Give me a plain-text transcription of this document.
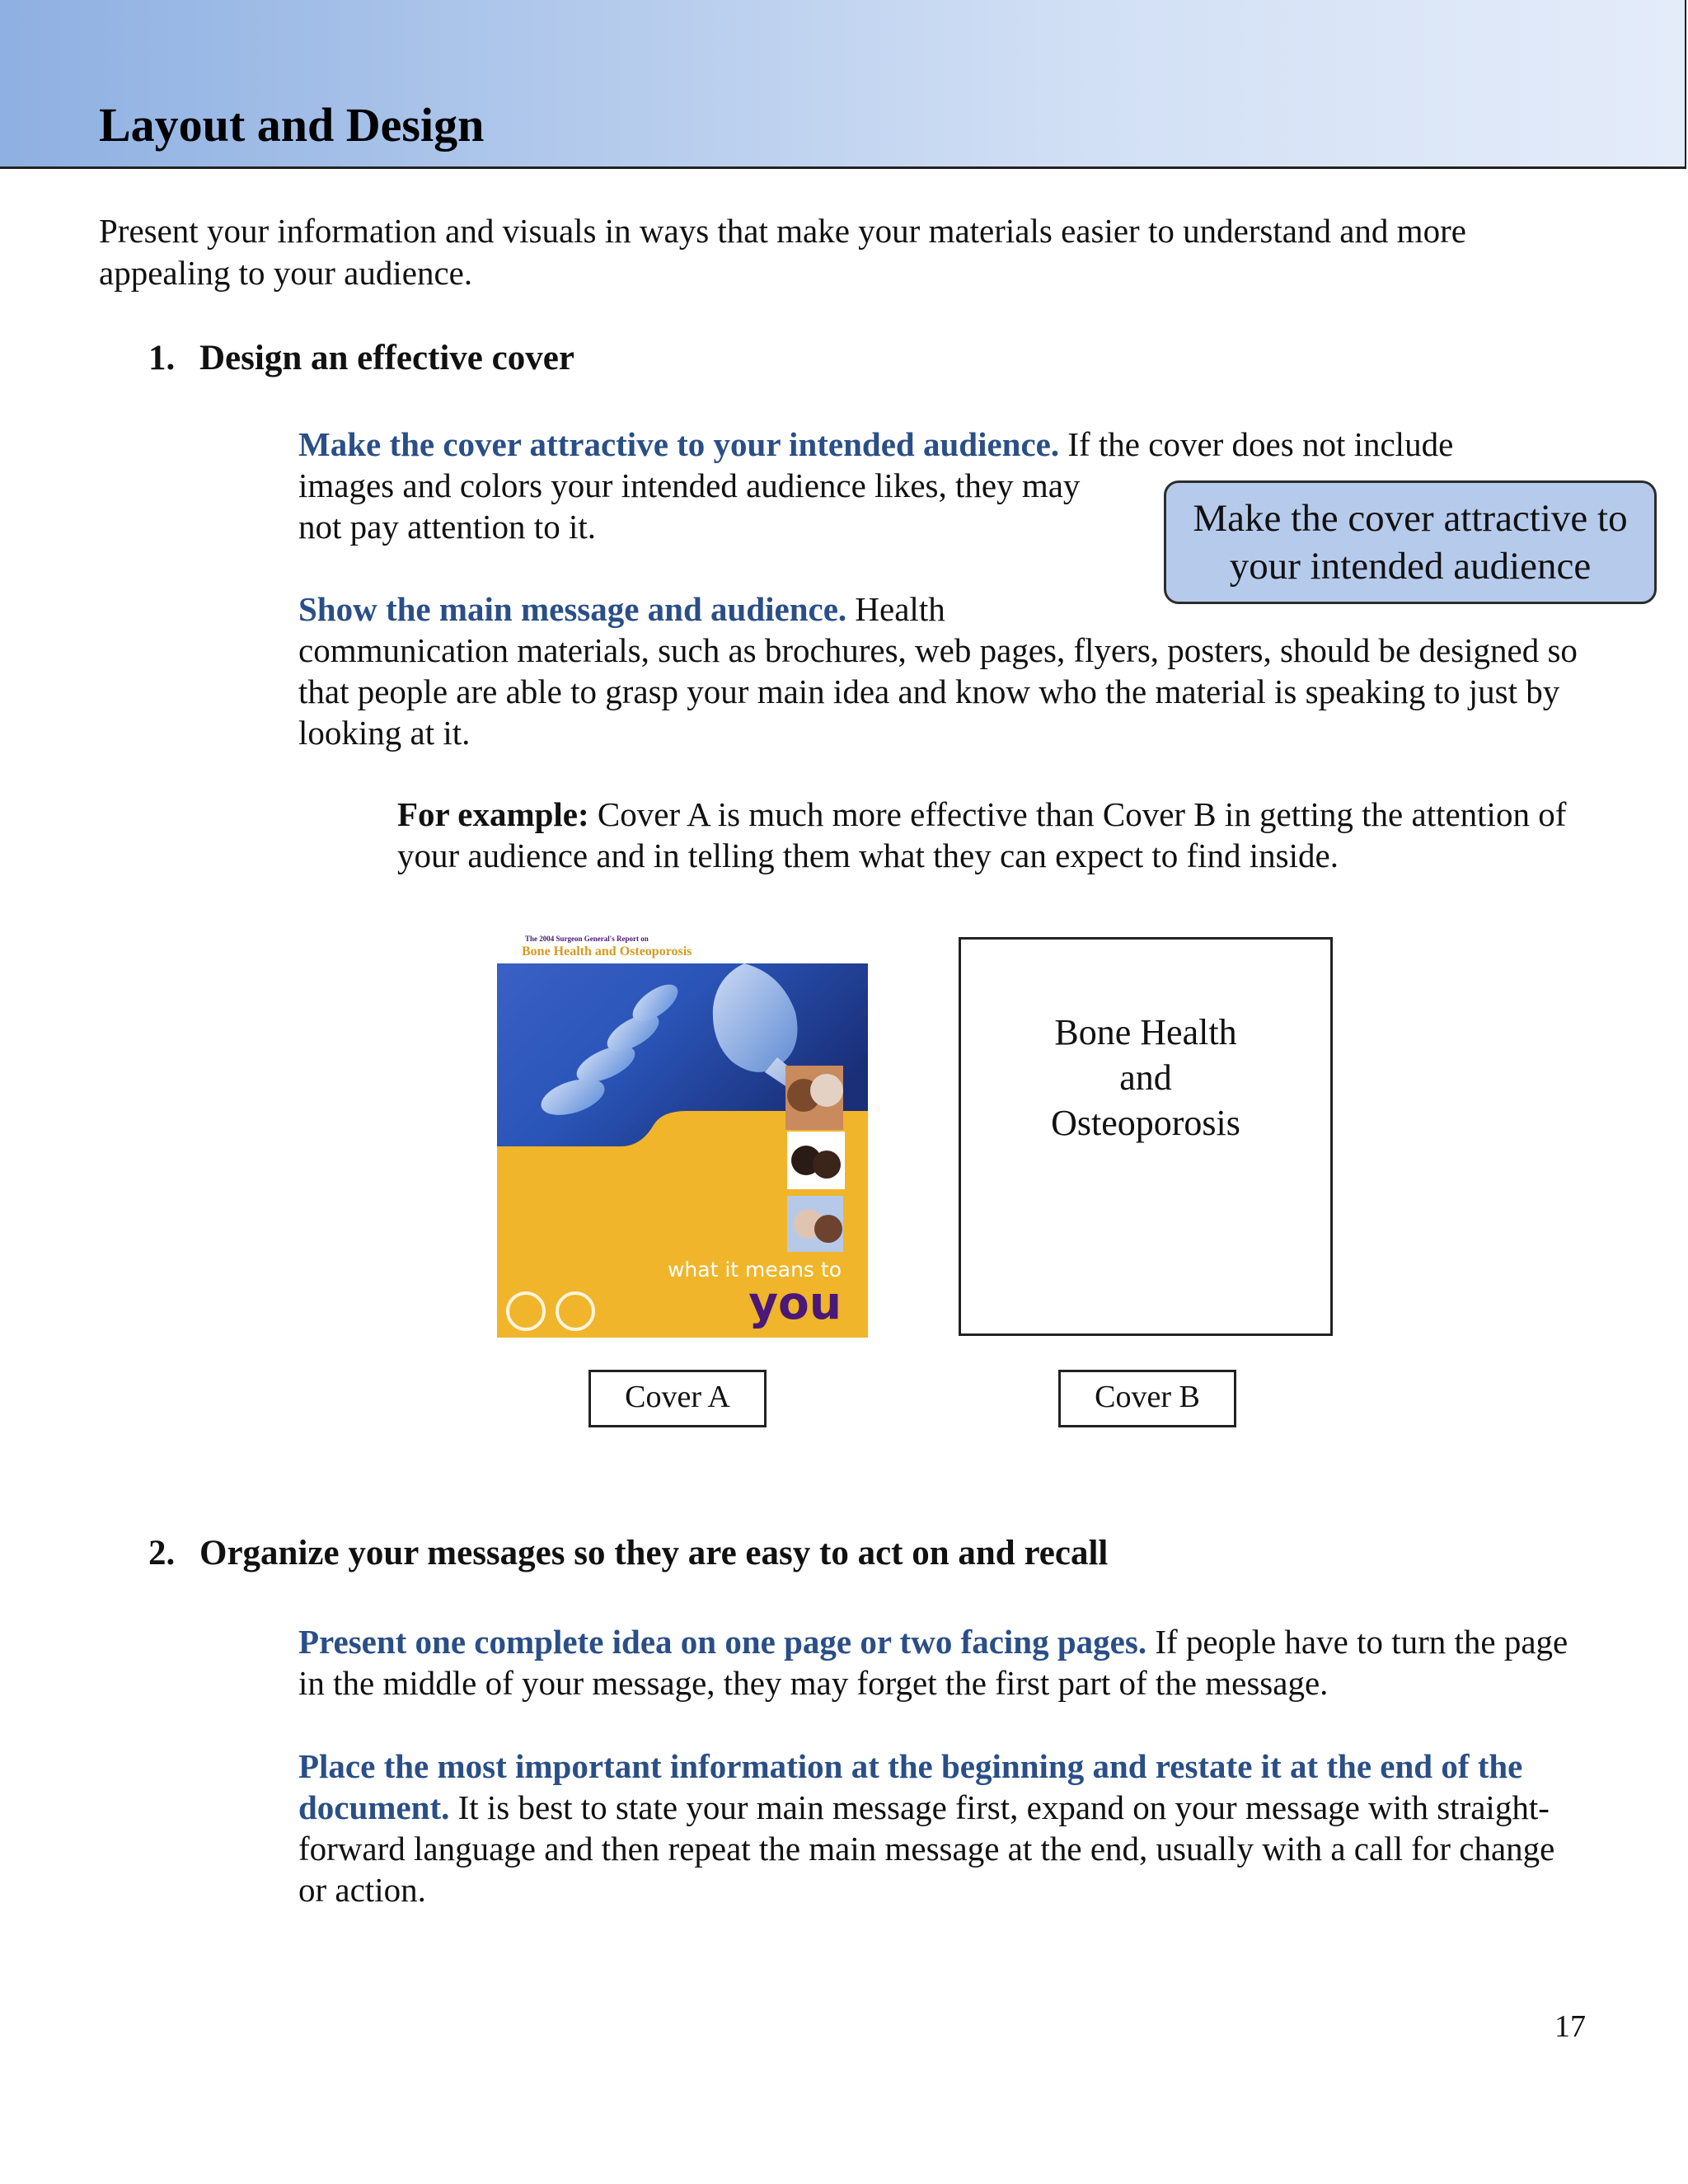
Layout and Design

Present your information and visuals in ways that make your materials easier to understand and more appealing to your audience.

1. Design an effective cover

Make the cover attractive to your intended audience. If the cover does not include
images and colors your intended audience likes, they may
not pay attention to it.	Make the cover attractive to your intended audience

Show the main message and audience. Health
communication materials, such as brochures, web pages, flyers, posters, should be designed so that people are able to grasp your main idea and know who the material is speaking to just by looking at it.

For example: Cover A is much more effective than Cover B in getting the attention of your audience and in telling them what they can expect to find inside.

The 2004 Surgeon General's Report on
Bone Health and Osteoporosis
what it means to
you
Bone Health
and
Osteoporosis
Cover A	Cover B
2. Organize your messages so they are easy to act on and recall

Present one complete idea on one page or two facing pages. If people have to turn the page in the middle of your message, they may forget the first part of the message.

Place the most important information at the beginning and restate it at the end of the document. It is best to state your main message first, expand on your message with straight-forward language and then repeat the main message at the end, usually with a call for change or action.

17
